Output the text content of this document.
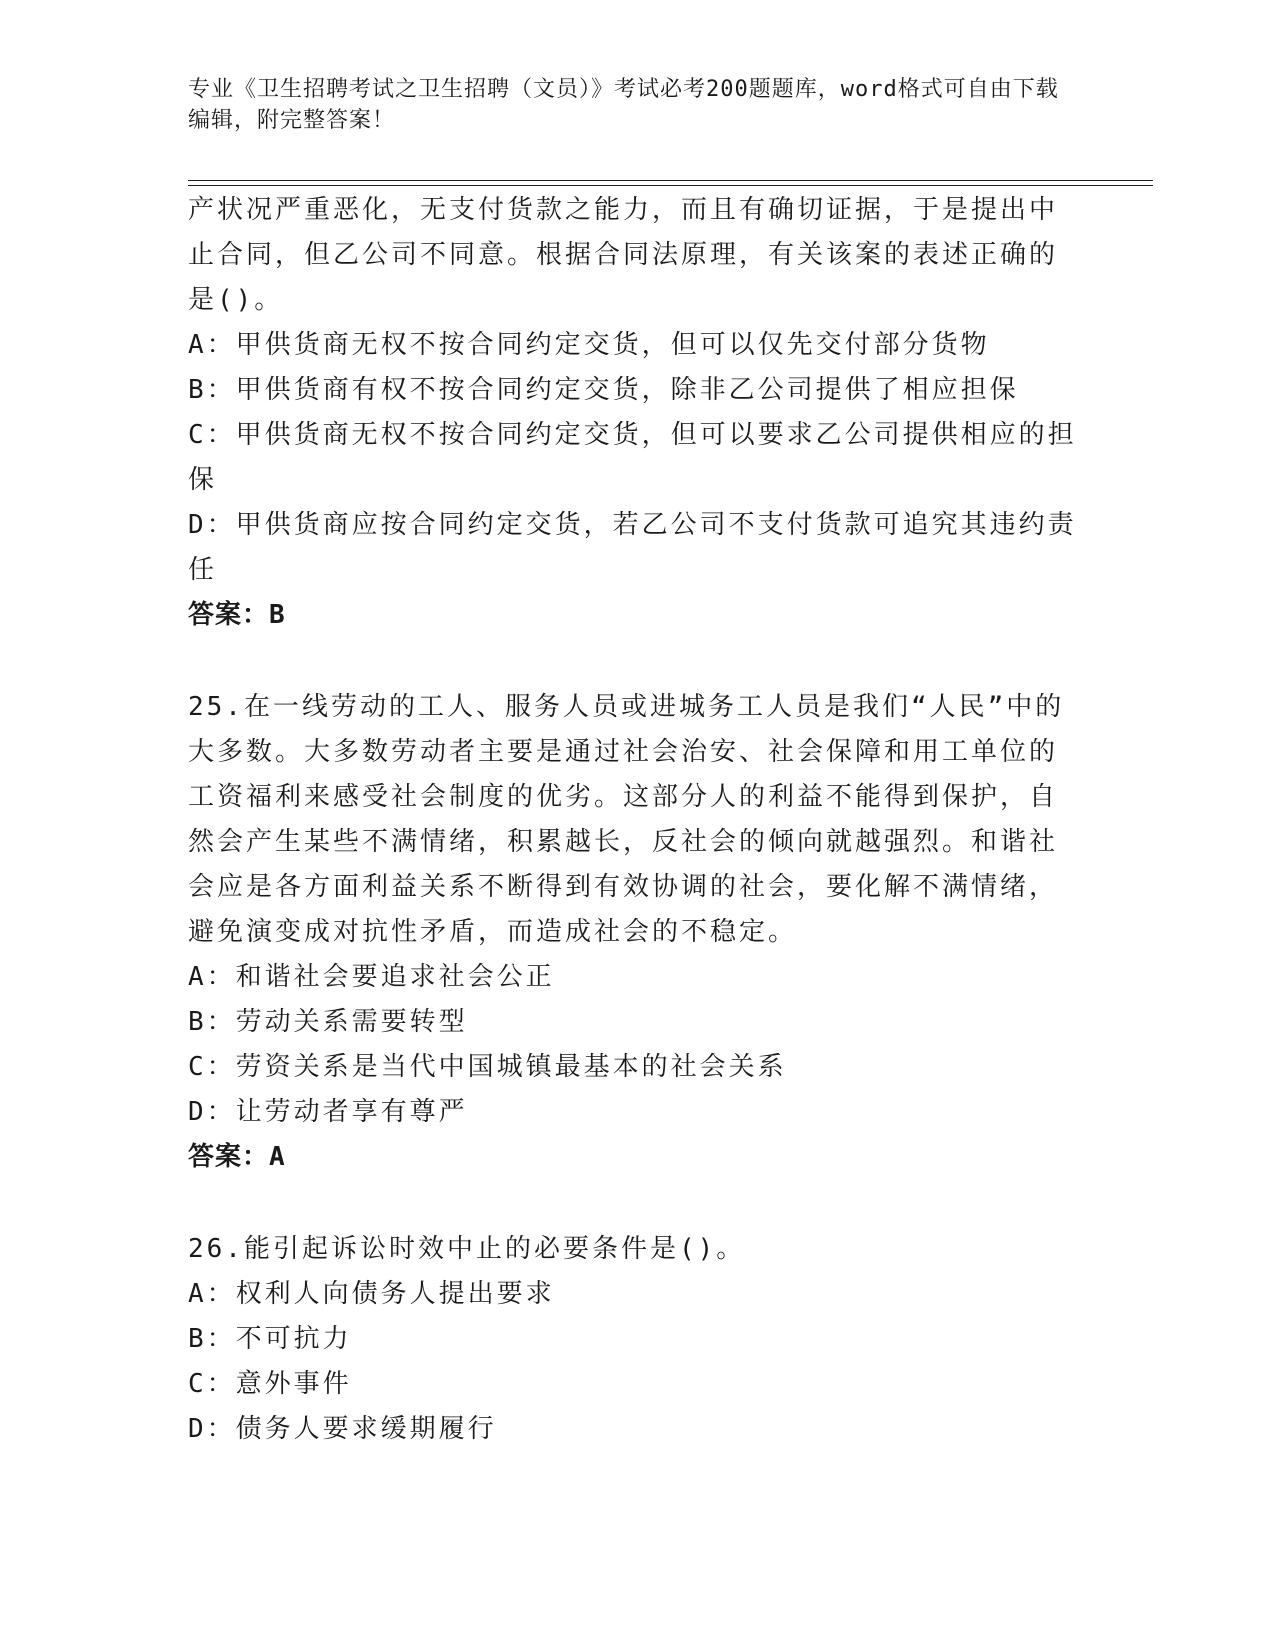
专业《卫生招聘考试之卫生招聘（文员）》考试必考200题题库，word格式可自由下载编辑，附完整答案！

产状况严重恶化，无支付货款之能力，而且有确切证据，于是提出中止合同，但乙公司不同意。根据合同法原理，有关该案的表述正确的是()。

A：甲供货商无权不按合同约定交货，但可以仅先交付部分货物

B：甲供货商有权不按合同约定交货，除非乙公司提供了相应担保

C：甲供货商无权不按合同约定交货，但可以要求乙公司提供相应的担保

D：甲供货商应按合同约定交货，若乙公司不支付货款可追究其违约责任

答案：B

25.在一线劳动的工人、服务人员或进城务工人员是我们“人民”中的大多数。大多数劳动者主要是通过社会治安、社会保障和用工单位的工资福利来感受社会制度的优劣。这部分人的利益不能得到保护，自然会产生某些不满情绪，积累越长，反社会的倾向就越强烈。和谐社会应是各方面利益关系不断得到有效协调的社会，要化解不满情绪，避免演变成对抗性矛盾，而造成社会的不稳定。

A：和谐社会要追求社会公正

B：劳动关系需要转型

C：劳资关系是当代中国城镇最基本的社会关系

D：让劳动者享有尊严

答案：A

26.能引起诉讼时效中止的必要条件是()。

A：权利人向债务人提出要求

B：不可抗力

C：意外事件

D：债务人要求缓期履行
